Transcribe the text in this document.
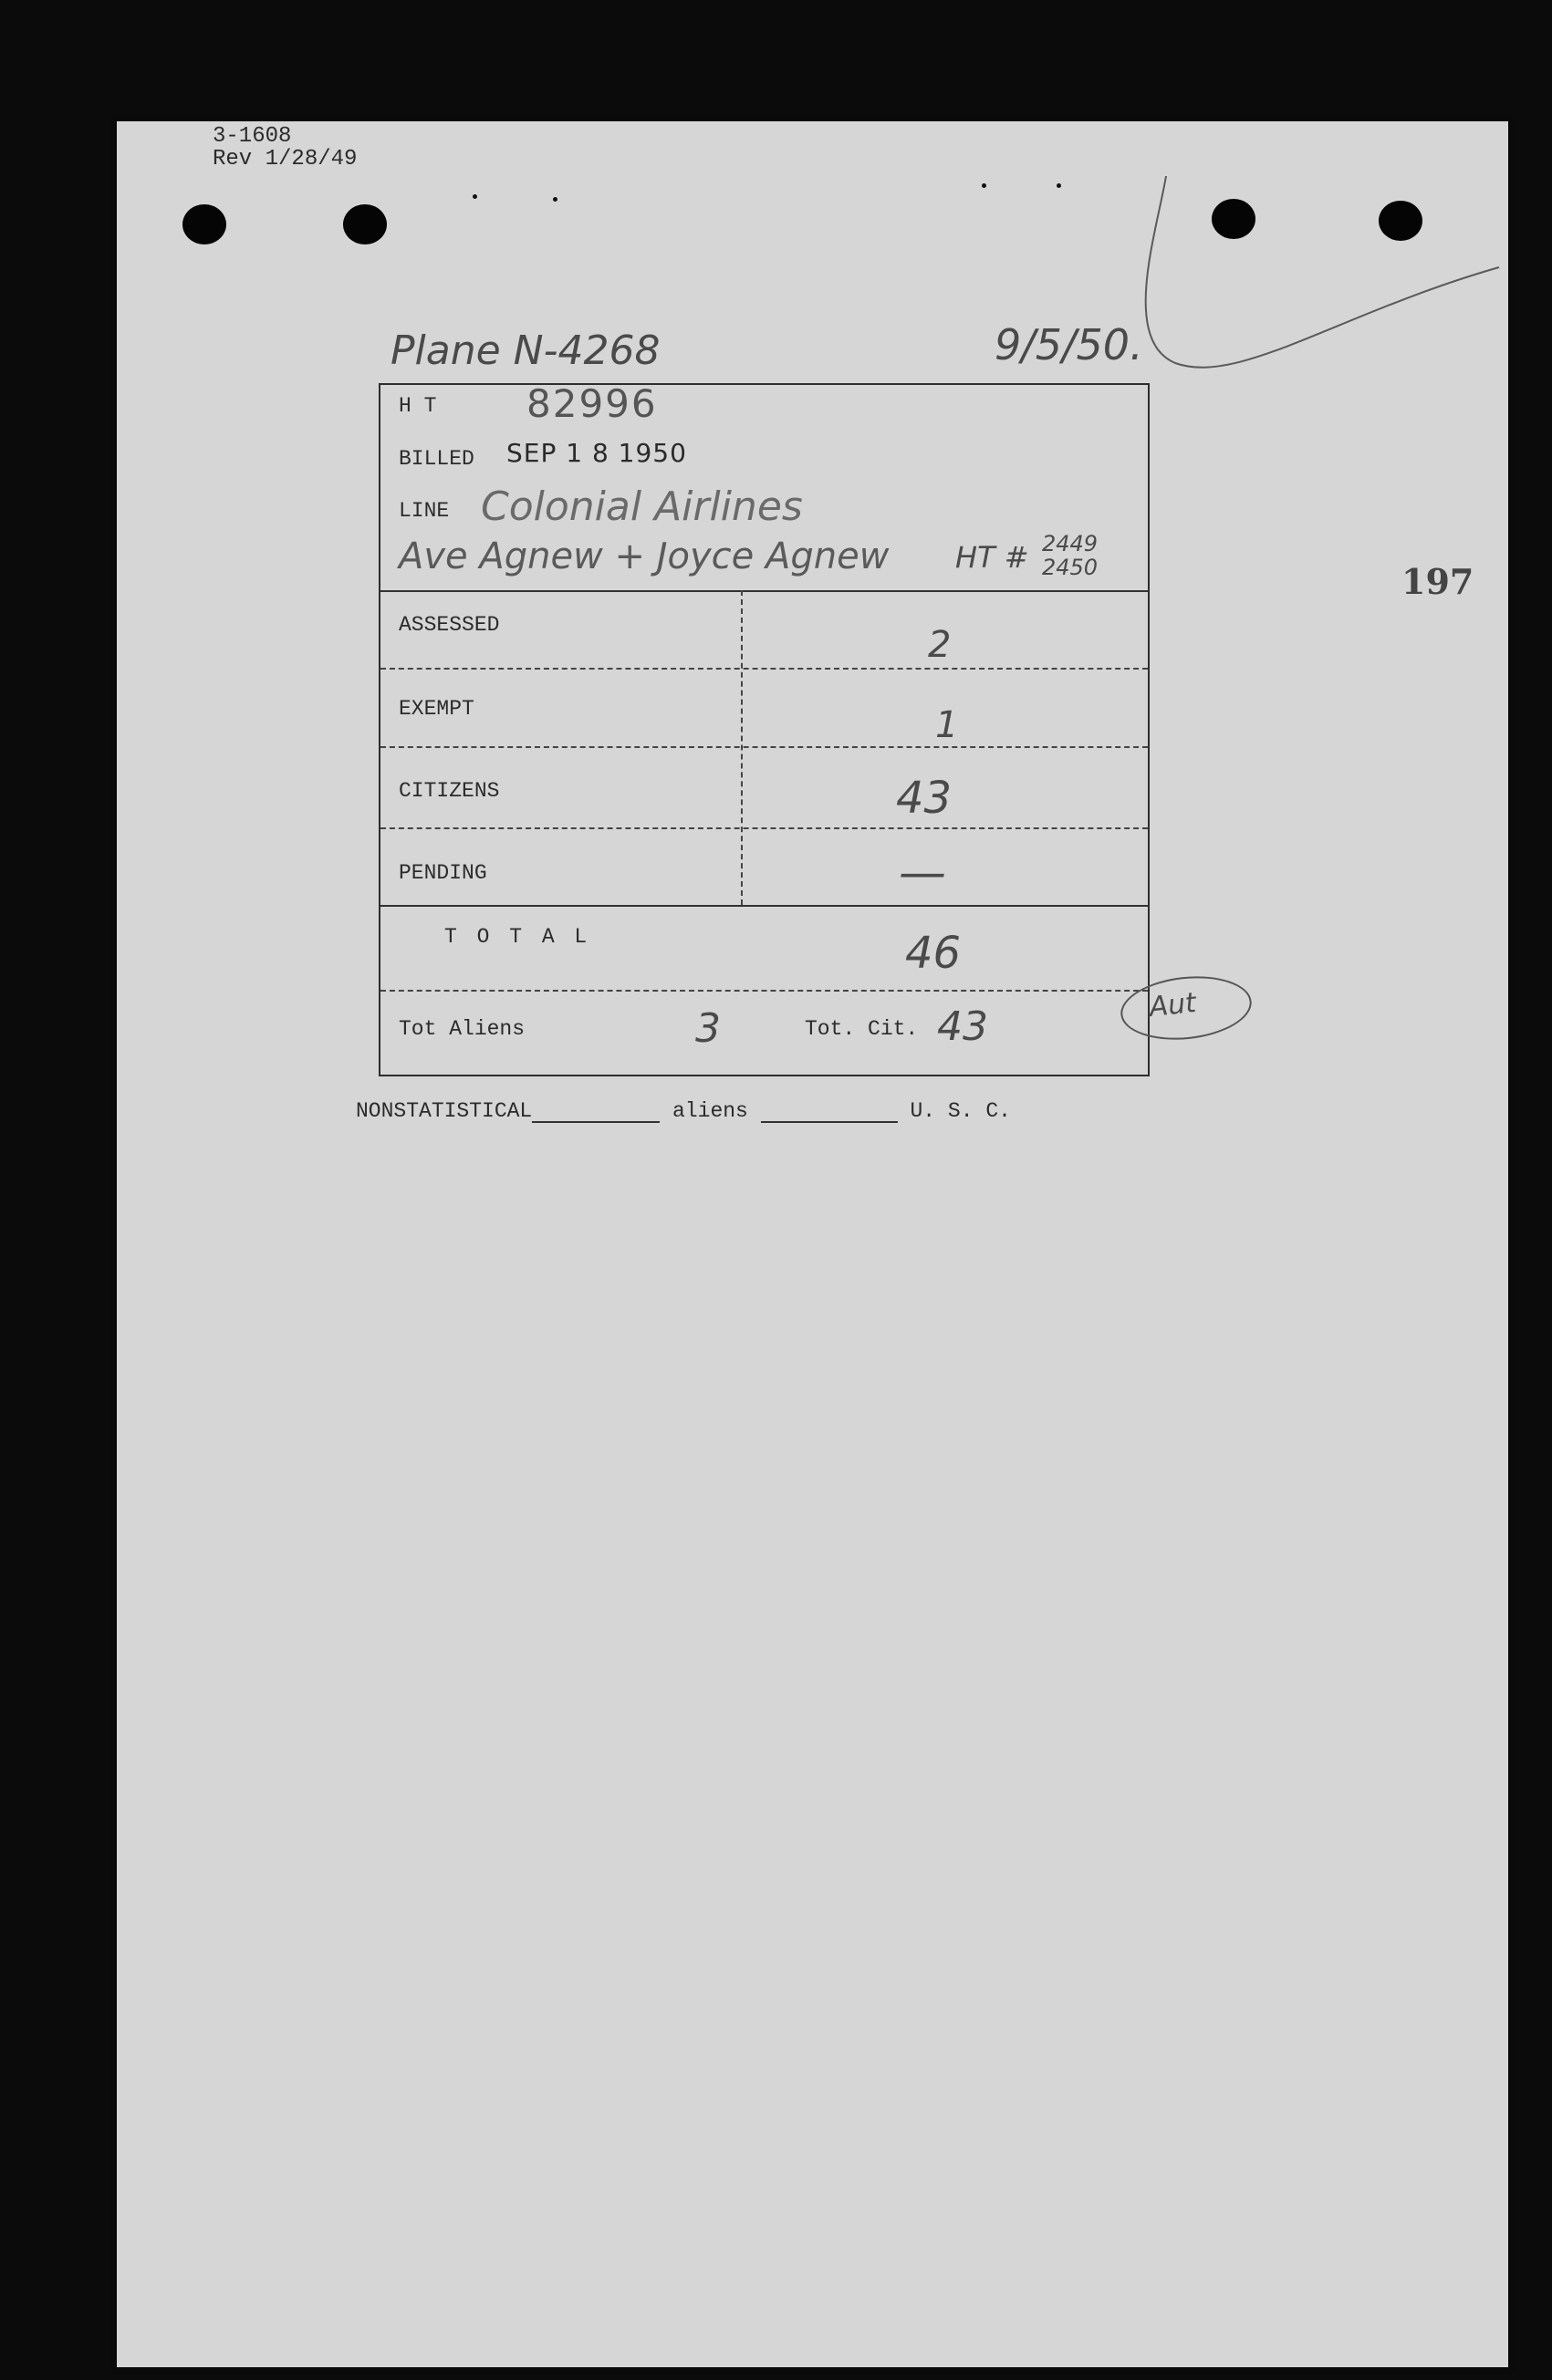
3-1608
Rev 1/28/49
197
Plane N-4268	9/5/50.
H T 82996
BILLED SEP 1 8 1950
LINE Colonial Airlines
Ave Agnew + Joyce Agnew HT # 2449
2450
ASSESSED	2
EXEMPT	1
CITIZENS	43
PENDING	—
T O T A L	46
Tot Aliens	3	Tot. Cit. 43	Aut
NONSTATISTICAL	aliens	U. S. C.
